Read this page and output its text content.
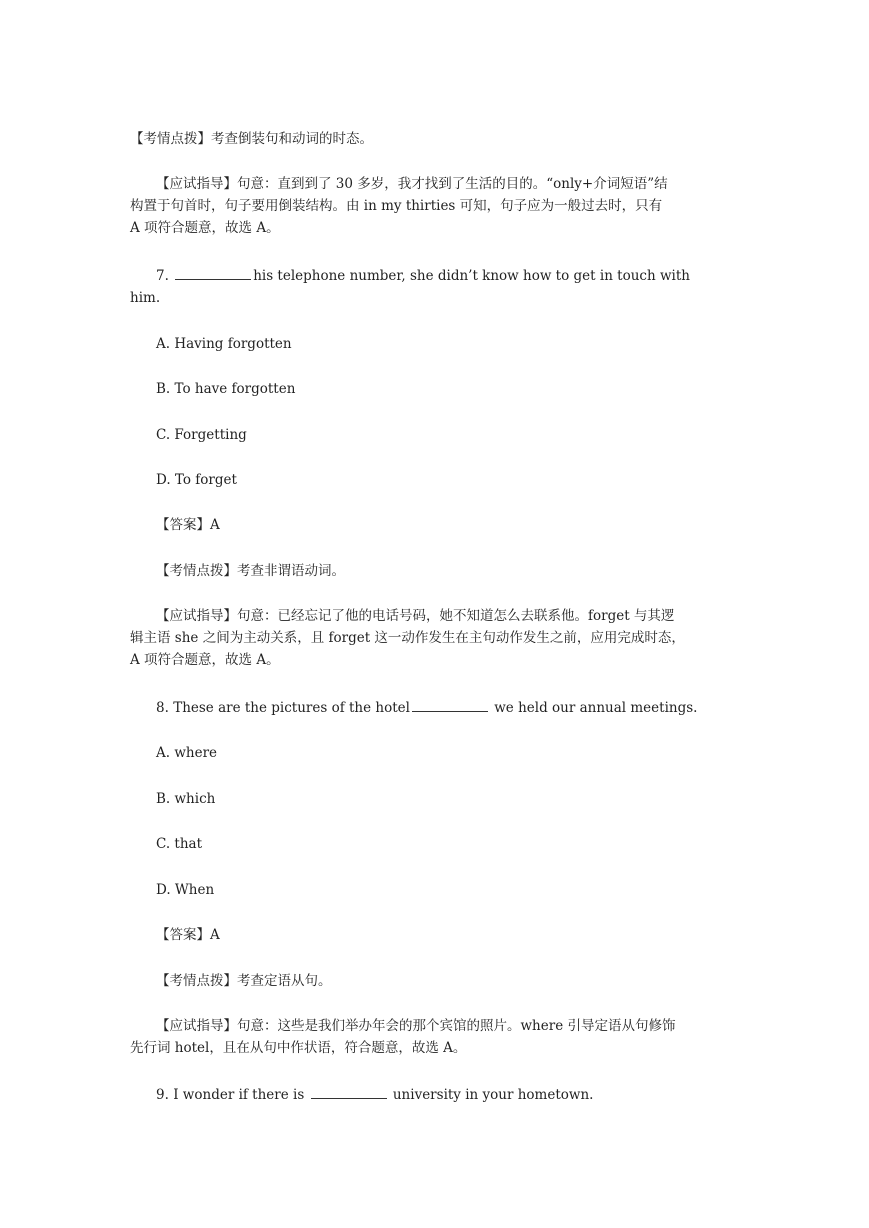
【考情点拨】考查倒装句和动词的时态。
【应试指导】句意：直到到了 30 多岁，我才找到了生活的目的。“only+介词短语”结
构置于句首时，句子要用倒装结构。由 in my thirties 可知，句子应为一般过去时，只有
A 项符合题意，故选 A。
7.	his telephone number, she didn’t know how to get in touch with
him.
A. Having forgotten
B. To have forgotten
C. Forgetting
D. To forget
【答案】A
【考情点拨】考查非谓语动词。
【应试指导】句意：已经忘记了他的电话号码，她不知道怎么去联系他。forget 与其逻
辑主语 she 之间为主动关系，且 forget 这一动作发生在主句动作发生之前，应用完成时态，
A 项符合题意，故选 A。
8. These are the pictures of the hotel	we held our annual meetings.
A. where
B. which
C. that
D. When
【答案】A
【考情点拨】考查定语从句。
【应试指导】句意：这些是我们举办年会的那个宾馆的照片。where 引导定语从句修饰
先行词 hotel，且在从句中作状语，符合题意，故选 A。
9. I wonder if there is	university in your hometown.
